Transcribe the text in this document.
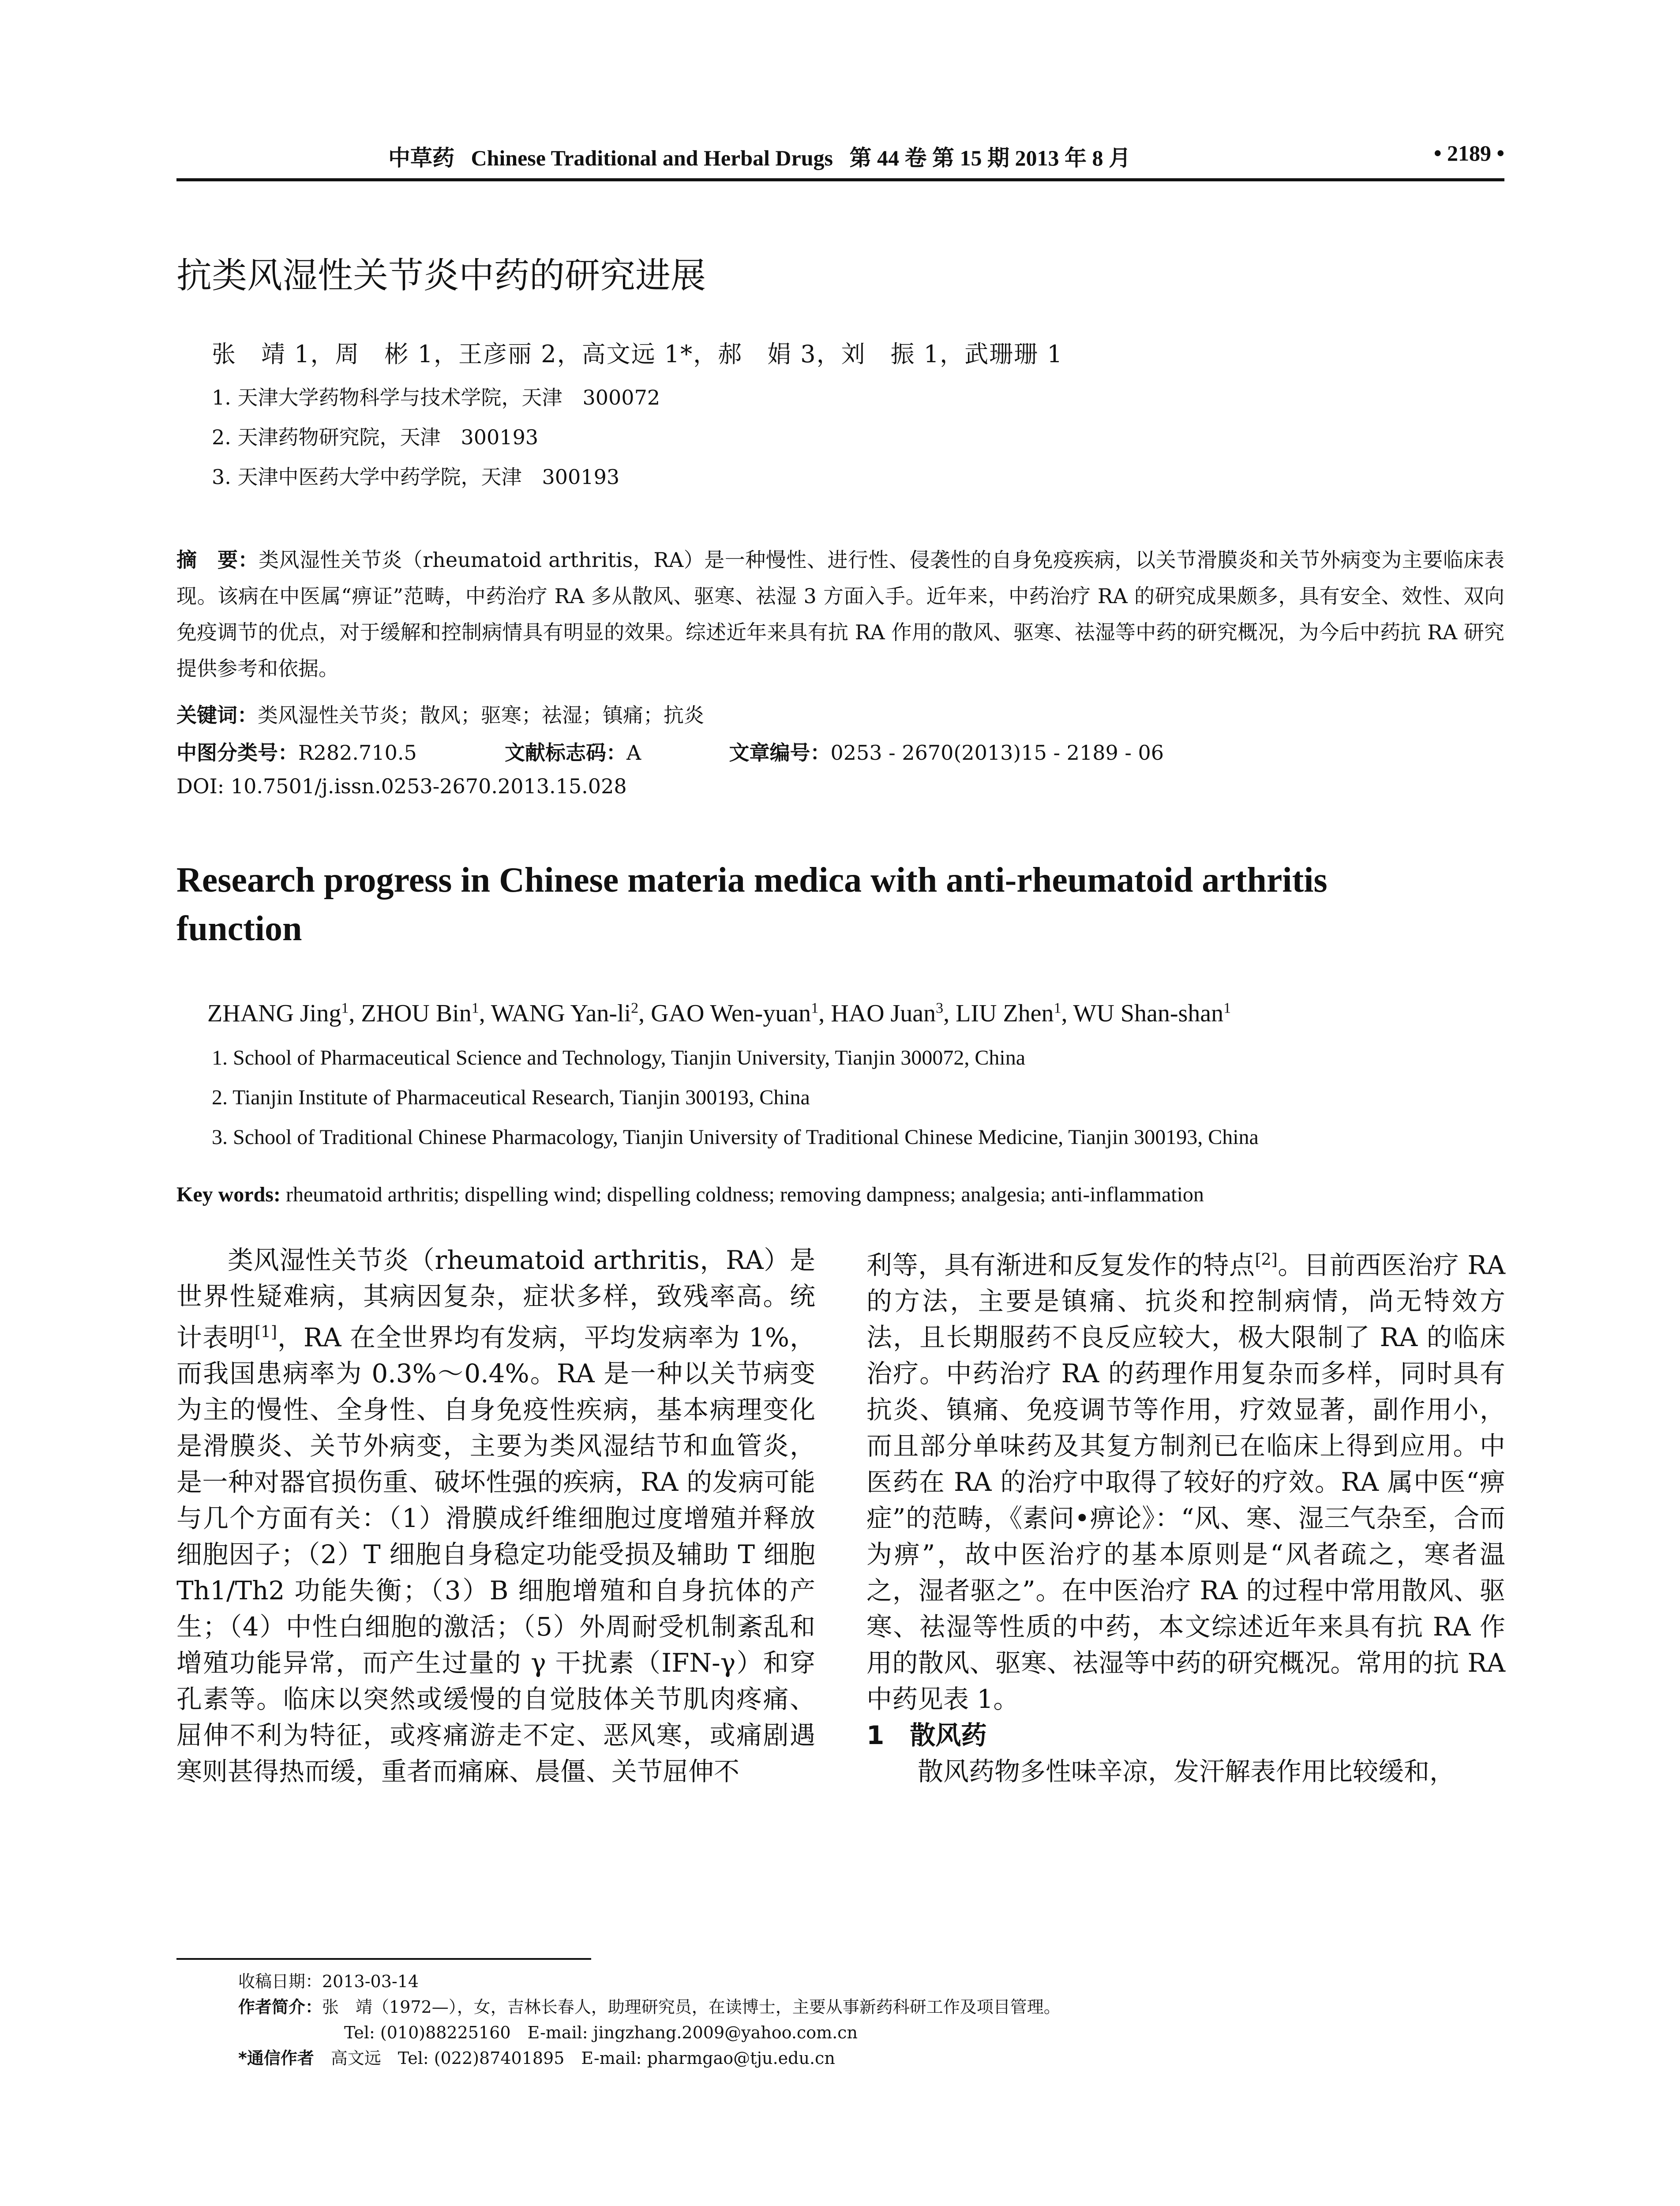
中草药 Chinese Traditional and Herbal Drugs 第 44 卷 第 15 期 2013 年 8 月	• 2189 •
抗类风湿性关节炎中药的研究进展
张　靖 1，周　彬 1，王彦丽 2，高文远 1*，郝　娟 3，刘　振 1，武珊珊 1
1. 天津大学药物科学与技术学院，天津　300072
2. 天津药物研究院，天津　300193
3. 天津中医药大学中药学院，天津　300193

摘　要：类风湿性关节炎（rheumatoid arthritis，RA）是一种慢性、进行性、侵袭性的自身免疫疾病，以关节滑膜炎和关节外病变为主要临床表现。该病在中医属“痹证”范畴，中药治疗 RA 多从散风、驱寒、祛湿 3 方面入手。近年来，中药治疗 RA 的研究成果颇多，具有安全、效性、双向免疫调节的优点，对于缓解和控制病情具有明显的效果。综述近年来具有抗 RA 作用的散风、驱寒、祛湿等中药的研究概况，为今后中药抗 RA 研究提供参考和依据。

关键词：类风湿性关节炎；散风；驱寒；祛湿；镇痛；抗炎
中图分类号：R282.710.5	文献标志码：A	文章编号：0253 - 2670(2013)15 - 2189 - 06
DOI: 10.7501/j.issn.0253-2670.2013.15.028
Research progress in Chinese materia medica with anti-rheumatoid arthritis
function
ZHANG Jing$^1$, ZHOU Bin$^1$, WANG Yan-$li^2$, GAO Wen-yuan$^1$, HAO Juan$^3$, LIU Zhen$^1$, WU Shan-shan$^1$
1. School of Pharmaceutical Science and Technology, Tianjin University, Tianjin 300072, China
2. Tianjin Institute of Pharmaceutical Research, Tianjin 300193, China
3. School of Traditional Chinese Pharmacology, Tianjin University of Traditional Chinese Medicine, Tianjin 300193, China
Key words: rheumatoid arthritis; dispelling wind; dispelling coldness; removing dampness; analgesia; anti-inflammation

类风湿性关节炎（rheumatoid arthritis，RA）是世界性疑难病，其病因复杂，症状多样，致残率高。统计表明[1]，RA 在全世界均有发病，平均发病率为 1%，而我国患病率为 0.3%～0.4%。RA 是一种以关节病变为主的慢性、全身性、自身免疫性疾病，基本病理变化是滑膜炎、关节外病变，主要为类风湿结节和血管炎，是一种对器官损伤重、破坏性强的疾病，RA 的发病可能与几个方面有关：（1）滑膜成纤维细胞过度增殖并释放细胞因子；（2）T 细胞自身稳定功能受损及辅助 T 细胞 Th1/Th2 功能失衡；（3）B 细胞增殖和自身抗体的产生；（4）中性白细胞的激活；（5）外周耐受机制紊乱和增殖功能异常，而产生过量的 γ 干扰素（IFN-γ）和穿孔素等。临床以突然或缓慢的自觉肢体关节肌肉疼痛、屈伸不利为特征，或疼痛游走不定、恶风寒，或痛剧遇寒则甚得热而缓，重者而痛麻、晨僵、关节屈伸不

利等，具有渐进和反复发作的特点[2]。目前西医治疗 RA 的方法，主要是镇痛、抗炎和控制病情，尚无特效方法，且长期服药不良反应较大，极大限制了 RA 的临床治疗。中药治疗 RA 的药理作用复杂而多样，同时具有抗炎、镇痛、免疫调节等作用，疗效显著，副作用小，而且部分单味药及其复方制剂已在临床上得到应用。中医药在 RA 的治疗中取得了较好的疗效。RA 属中医“痹症”的范畴，《素问•痹论》：“风、寒、湿三气杂至，合而为痹”，故中医治疗的基本原则是“风者疏之，寒者温之，湿者驱之”。在中医治疗 RA 的过程中常用散风、驱寒、祛湿等性质的中药，本文综述近年来具有抗 RA 作用的散风、驱寒、祛湿等中药的研究概况。常用的抗 RA 中药见表 1。

1　散风药

散风药物多性味辛凉，发汗解表作用比较缓和，

收稿日期：2013-03-14
作者简介：张　靖（1972—），女，吉林长春人，助理研究员，在读博士，主要从事新药科研工作及项目管理。
Tel: (010)88225160　E-mail: jingzhang.2009@yahoo.com.cn
*通信作者　 高文远　Tel: (022)87401895　E-mail: pharmgao@tju.edu.cn
